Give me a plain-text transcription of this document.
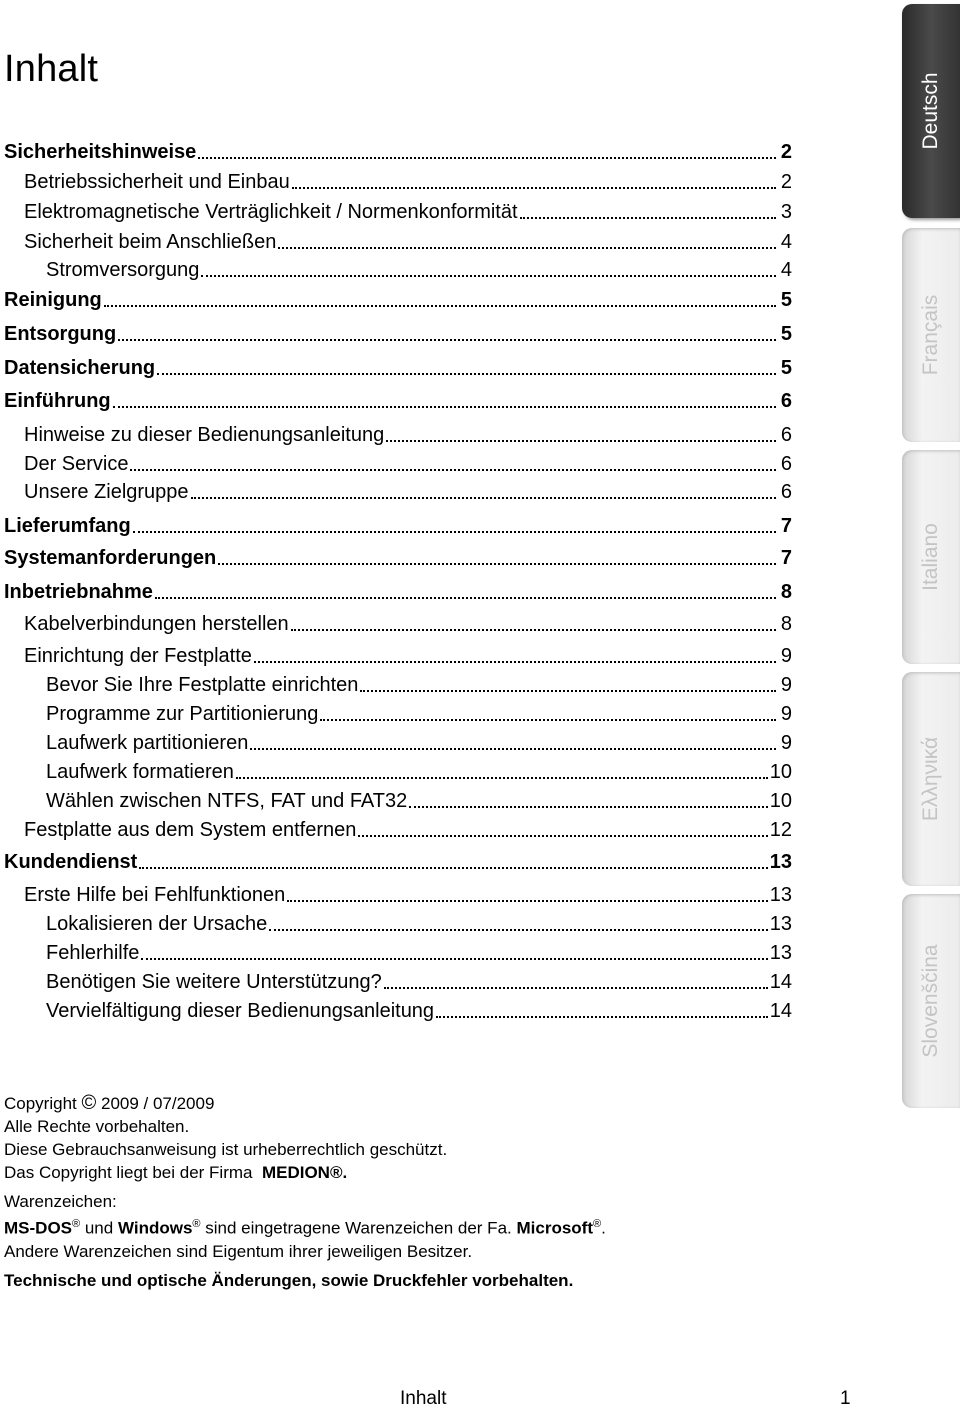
Inhalt
Sicherheitshinweise	2
Betriebssicherheit und Einbau	2
Elektromagnetische Verträglichkeit / Normenkonformität	3
Sicherheit beim Anschließen	4
Stromversorgung	4
Reinigung	5
Entsorgung	5
Datensicherung	5
Einführung	6
Hinweise zu dieser Bedienungsanleitung	6
Der Service	6
Unsere Zielgruppe	6
Lieferumfang	7
Systemanforderungen	7
Inbetriebnahme	8
Kabelverbindungen herstellen	8
Einrichtung der Festplatte	9
Bevor Sie Ihre Festplatte einrichten	9
Programme zur Partitionierung	9
Laufwerk partitionieren	9
Laufwerk formatieren	10
Wählen zwischen NTFS, FAT und FAT32	10
Festplatte aus dem System entfernen	12
Kundendienst	13
Erste Hilfe bei Fehlfunktionen	13
Lokalisieren der Ursache	13
Fehlerhilfe	13
Benötigen Sie weitere Unterstützung?	14
Vervielfältigung dieser Bedienungsanleitung	14
Deutsch
Français
Italiano
Ελληνικά
Slovenščina
Copyright © 2009 / 07/2009
Alle Rechte vorbehalten.
Diese Gebrauchsanweisung ist urheberrechtlich geschützt.
Das Copyright liegt bei der Firma MEDION®.
Warenzeichen:
MS-DOS® und Windows® sind eingetragene Warenzeichen der Fa. Microsoft®.
Andere Warenzeichen sind Eigentum ihrer jeweiligen Besitzer.
Technische und optische Änderungen, sowie Druckfehler vorbehalten.
Inhalt	1
